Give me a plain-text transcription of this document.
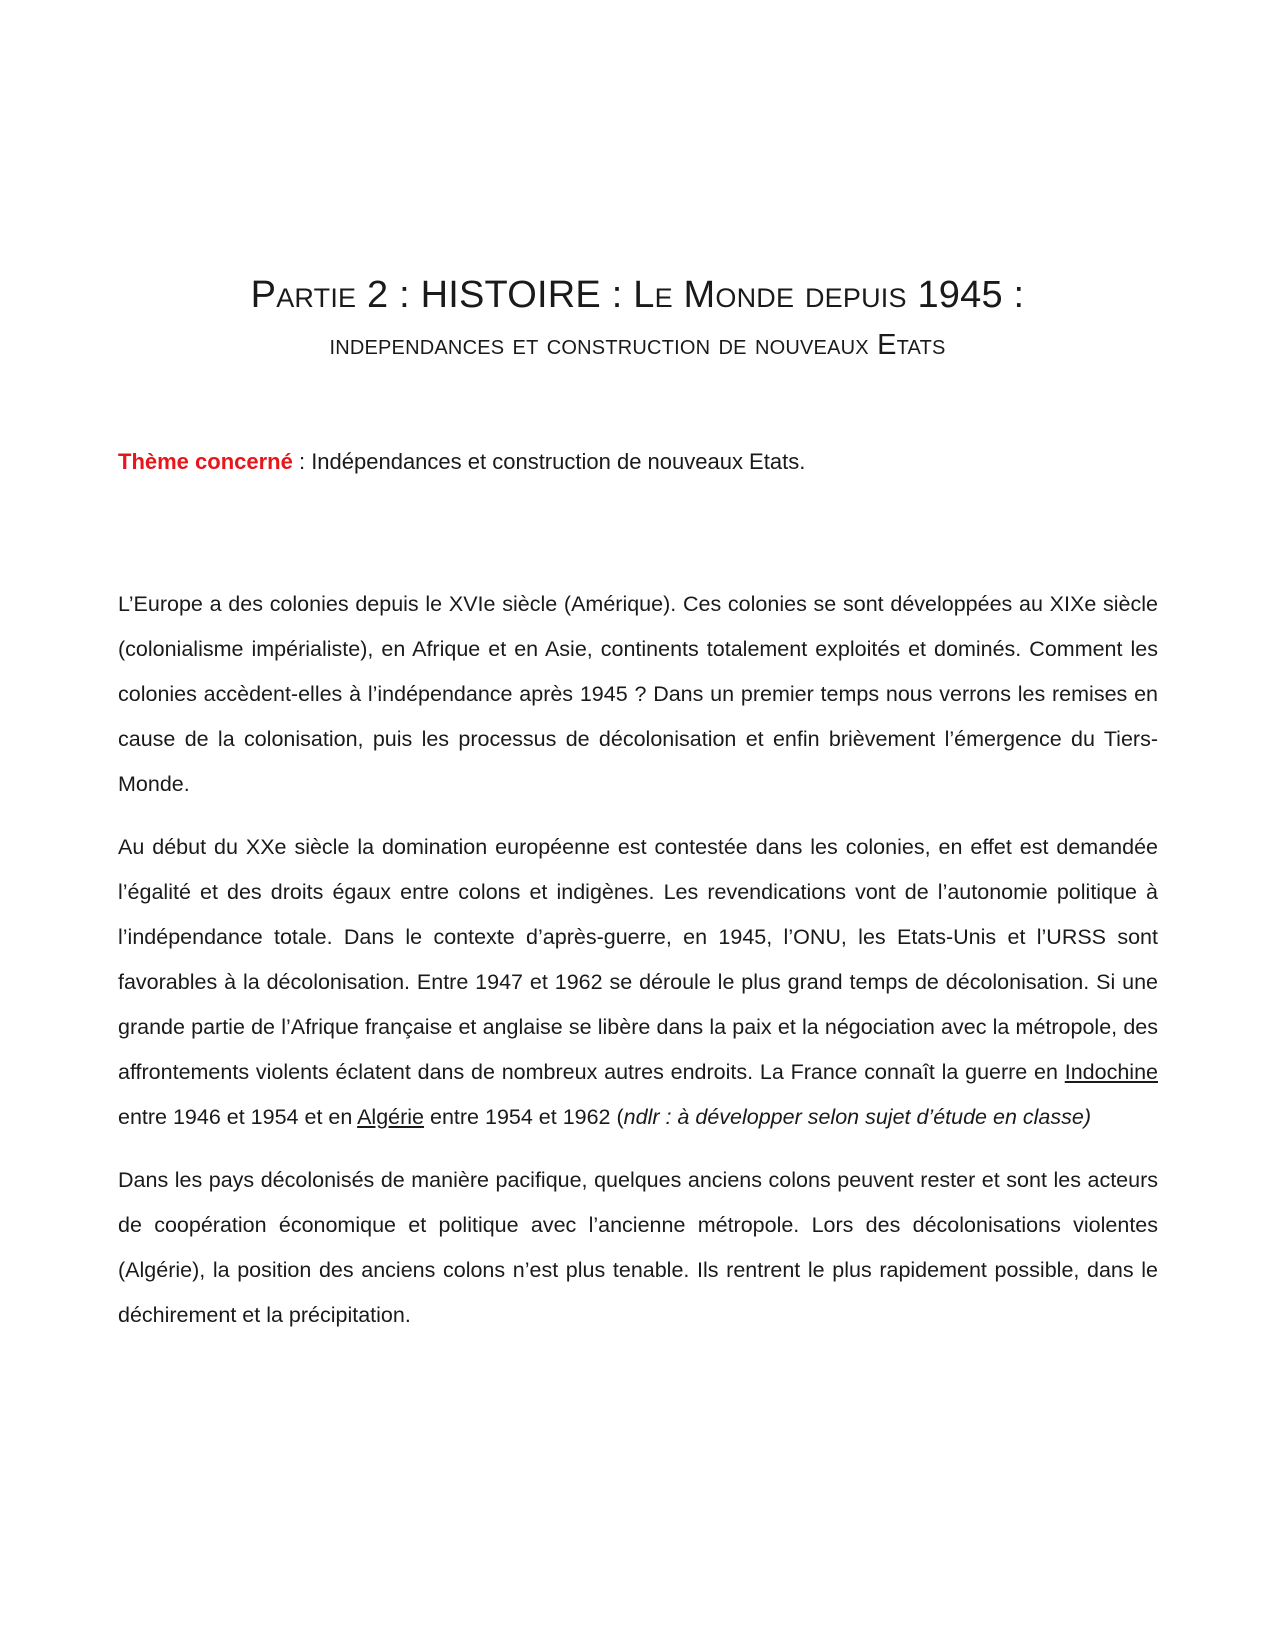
Partie 2 : HISTOIRE : Le Monde depuis 1945 :
independances et construction de nouveaux Etats
Thème concerné : Indépendances et construction de nouveaux Etats.

L’Europe a des colonies depuis le XVIe siècle (Amérique). Ces colonies se sont développées au XIXe siècle (colonialisme impérialiste), en Afrique et en Asie, continents totalement exploités et dominés. Comment les colonies accèdent-elles à l’indépendance après 1945 ? Dans un premier temps nous verrons les remises en cause de la colonisation, puis les processus de décolonisation et enfin brièvement l’émergence du Tiers-Monde.

Au début du XXe siècle la domination européenne est contestée dans les colonies, en effet est demandée l’égalité et des droits égaux entre colons et indigènes. Les revendications vont de l’autonomie politique à l’indépendance totale. Dans le contexte d’après-guerre, en 1945, l’ONU, les Etats-Unis et l’URSS sont favorables à la décolonisation. Entre 1947 et 1962 se déroule le plus grand temps de décolonisation. Si une grande partie de l’Afrique française et anglaise se libère dans la paix et la négociation avec la métropole, des affrontements violents éclatent dans de nombreux autres endroits. La France connaît la guerre en Indochine entre 1946 et 1954 et en Algérie entre 1954 et 1962 (ndlr : à développer selon sujet d’étude en classe)

Dans les pays décolonisés de manière pacifique, quelques anciens colons peuvent rester et sont les acteurs de coopération économique et politique avec l’ancienne métropole. Lors des décolonisations violentes (Algérie), la position des anciens colons n’est plus tenable. Ils rentrent le plus rapidement possible, dans le déchirement et la précipitation.
